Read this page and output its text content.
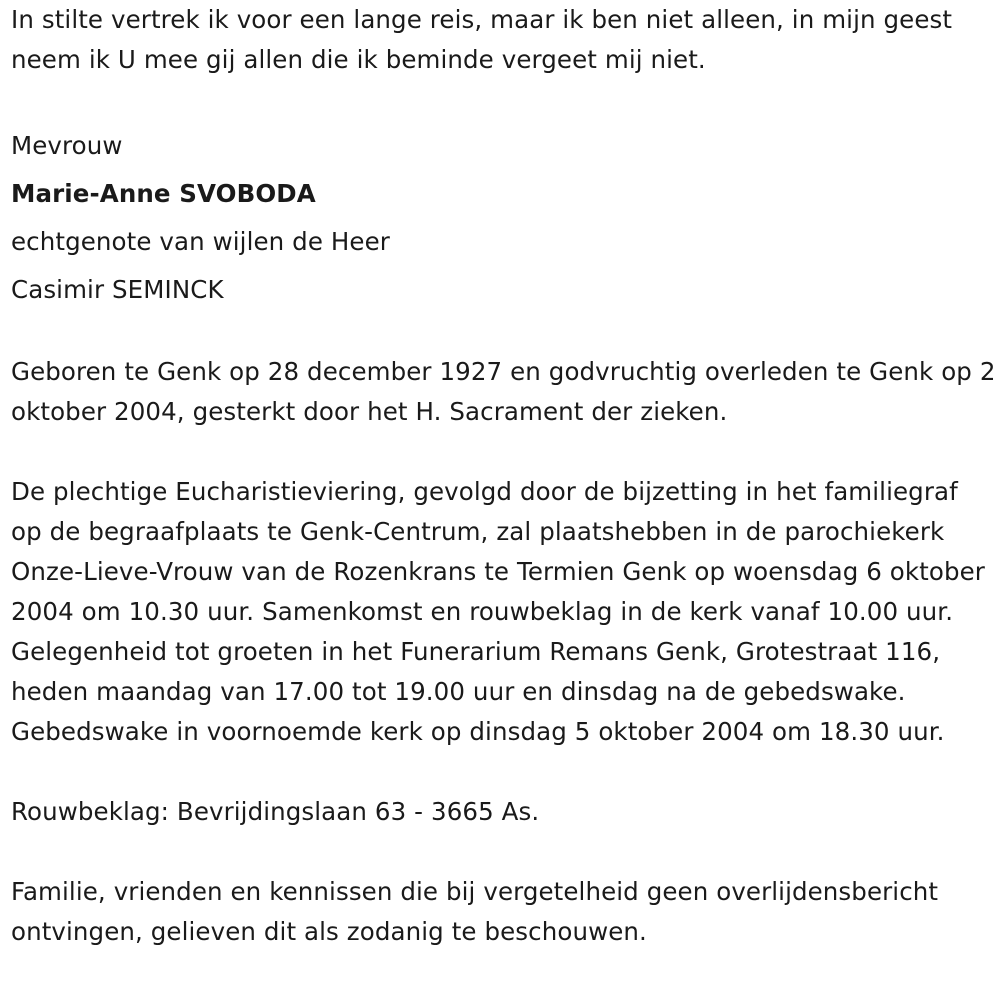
In stilte vertrek ik voor een lange reis, maar ik ben niet alleen, in mijn geest neem ik U mee gij allen die ik beminde vergeet mij niet.

Mevrouw
Marie-Anne SVOBODA
echtgenote van wijlen de Heer
Casimir SEMINCK

Geboren te Genk op 28 december 1927 en godvruchtig overleden te Genk op 2 oktober 2004, gesterkt door het H. Sacrament der zieken.

De plechtige Eucharistieviering, gevolgd door de bijzetting in het familiegraf op de begraafplaats te Genk-Centrum, zal plaatshebben in de parochiekerk Onze-Lieve-Vrouw van de Rozenkrans te Termien Genk op woensdag 6 oktober 2004 om 10.30 uur. Samenkomst en rouwbeklag in de kerk vanaf 10.00 uur. Gelegenheid tot groeten in het Funerarium Remans Genk, Grotestraat 116, heden maandag van 17.00 tot 19.00 uur en dinsdag na de gebedswake. Gebedswake in voornoemde kerk op dinsdag 5 oktober 2004 om 18.30 uur.

Rouwbeklag: Bevrijdingslaan 63 - 3665 As.

Familie, vrienden en kennissen die bij vergetelheid geen overlijdensbericht ontvingen, gelieven dit als zodanig te beschouwen.
